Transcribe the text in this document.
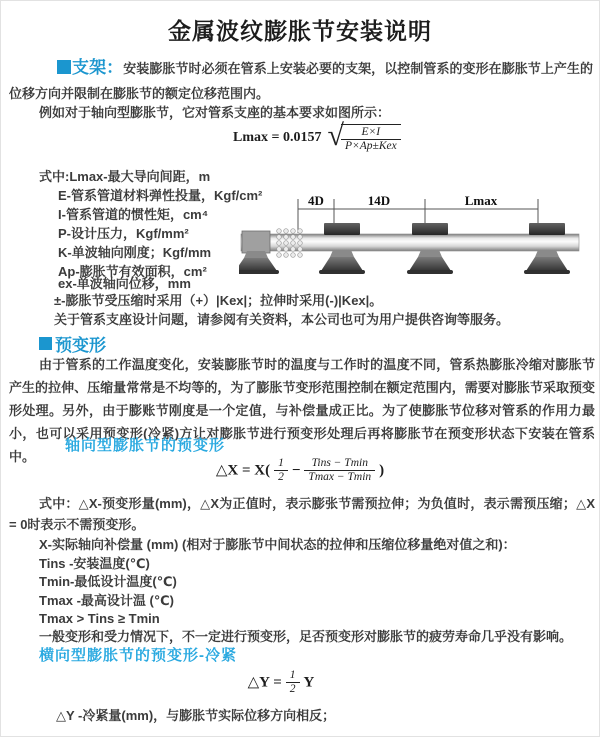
金属波纹膨胀节安装说明
支架：安装膨胀节时必须在管系上安装必要的支架，以控制管系的变形在膨胀节上产生的位移方向并限制在膨胀节的额定位移范围内。
例如对于轴向型膨胀节，它对管系支座的基本要求如图所示：
Lmax = 0.0157 √
$\frac{E\times I}{\text{P×Ap±Kex}}$
式中:Lmax-最大导向间距，m
E-管系管道材料弹性投量，Kgf/cm²
I-管系管道的惯性矩，cm⁴
P-设计压力，Kgf/mm²
K-单波轴向刚度；Kgf/mm
Ap-膨胀节有效面积，cm²
ex-单波轴向位移，mm
±-膨胀节受压缩时采用（+）|Kex|；拉伸时采用(-)|Kex|。
关于管系支座设计问题，请参阅有关资料，本公司也可为用户提供咨询等服务。
4D	14D	Lmax
预变形
由于管系的工作温度变化，安装膨胀节时的温度与工作时的温度不同，管系热膨胀冷缩对膨胀节产生的拉伸、压缩量常常是不均等的，为了膨胀节变形范围控制在额定范围内，需要对膨胀节采取预变形处理。另外，由于膨账节刚度是一个定值，与补偿量成正比。为了使膨胀节位移对管系的作用力最小，也可以采用预变形(冷紧)方让对膨胀节进行预变形处理后再将膨胀节在预变形状态下安装在管系中。
轴向型膨胀节的预变形
△X = $X( \frac{1}{2} - \frac{\text{Tins − Tmin}}{Tmax - Tmin}$ )
式中：△X-预变形量(mm)，△X为正值时，表示膨张节需预拉伸；为负值时，表示需预压缩；△X = 0时表示不需预变形。
X-实际轴向补偿量 (mm) (相对于膨胀节中间状态的拉伸和压缩位移量绝对值之和)：
Tins -安装温度(℃)
Tmin-最低设计温度(℃)
Tmax -最高设计温 (℃)
Tmax > Tins ≥ Tmin
一般变形和受力情况下，不一定进行预变形，足否预变形对膨胀节的疲劳寿命几乎没有影响。
横向型膨胀节的预变形-冷紧
△Y = $\frac{1}{2}$ Y
△Y -冷紧量(mm)，与膨胀节实际位移方向相反；
